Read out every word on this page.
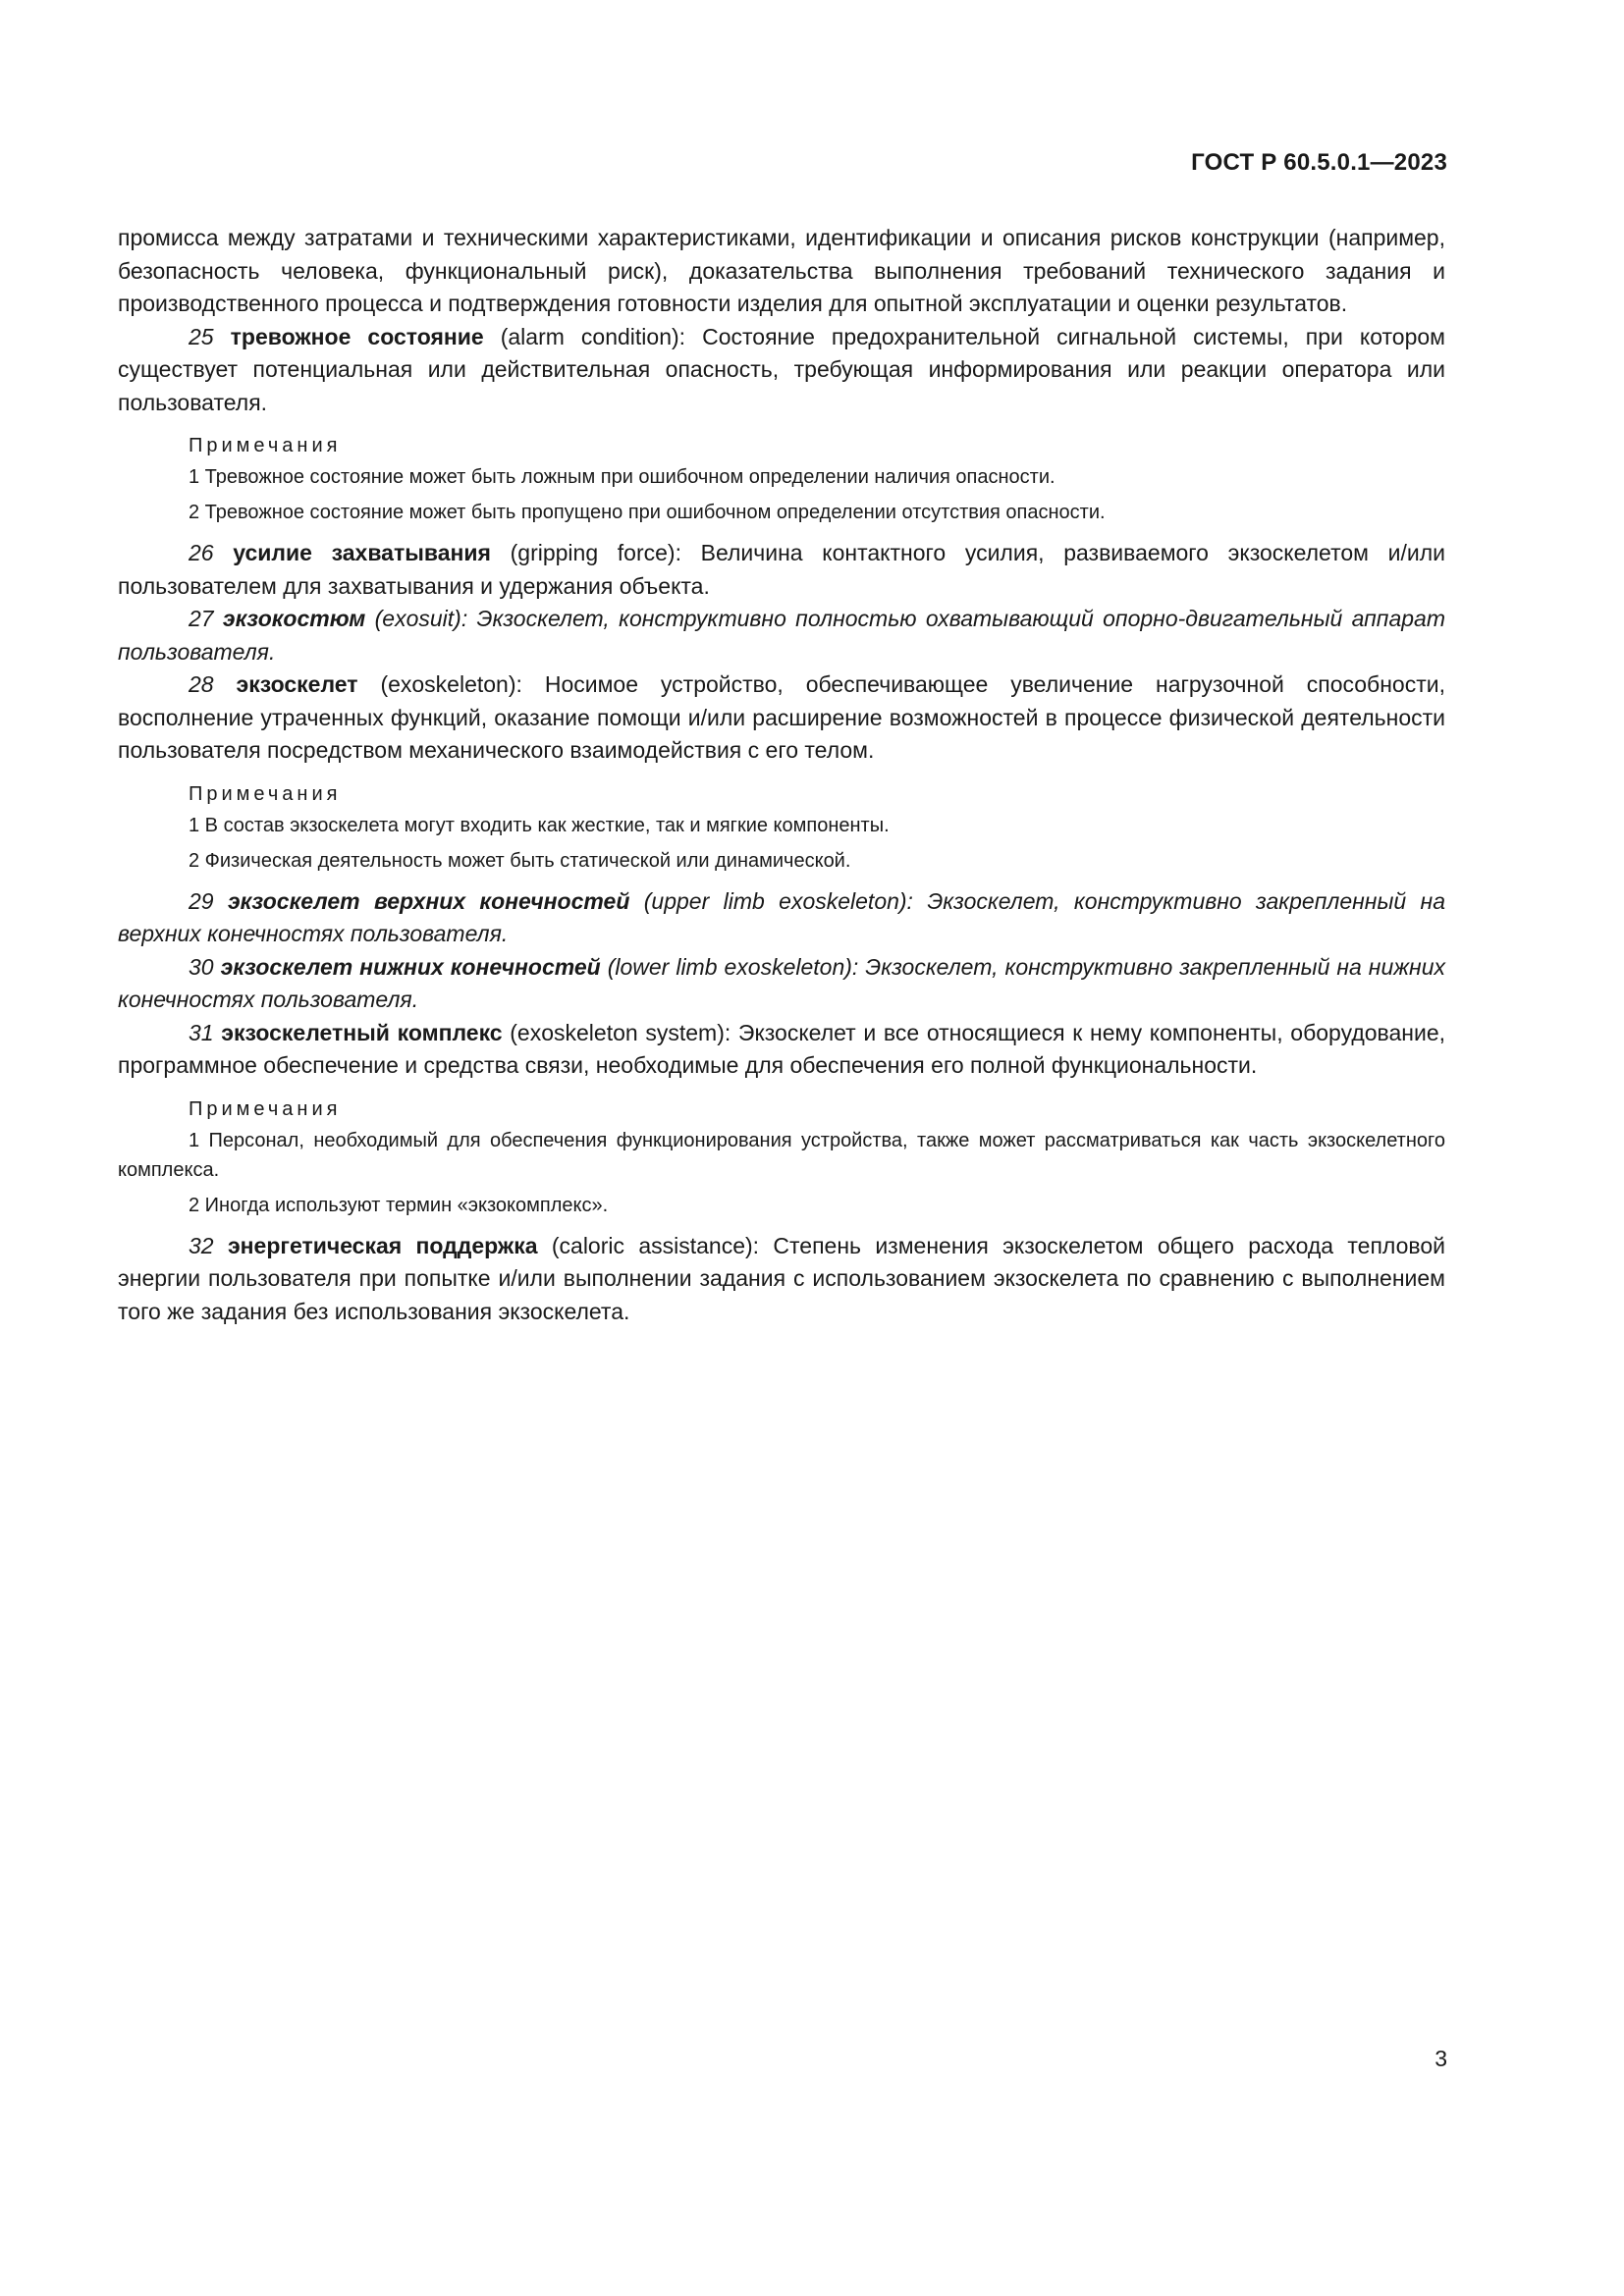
ГОСТ Р 60.5.0.1—2023

промисса между затратами и техническими характеристиками, идентификации и описания рисков конструкции (например, безопасность человека, функциональный риск), доказательства выполнения требований технического задания и производственного процесса и подтверждения готовности изделия для опытной эксплуатации и оценки результатов.

25 тревожное состояние (alarm condition): Состояние предохранительной сигнальной системы, при котором существует потенциальная или действительная опасность, требующая информирования или реакции оператора или пользователя.

Примечания

1 Тревожное состояние может быть ложным при ошибочном определении наличия опасности.

2 Тревожное состояние может быть пропущено при ошибочном определении отсутствия опасности.

26 усилие захватывания (gripping force): Величина контактного усилия, развиваемого экзоскелетом и/или пользователем для захватывания и удержания объекта.

27 экзокостюм (exosuit): Экзоскелет, конструктивно полностью охватывающий опорно-двигательный аппарат пользователя.

28 экзоскелет (exoskeleton): Носимое устройство, обеспечивающее увеличение нагрузочной способности, восполнение утраченных функций, оказание помощи и/или расширение возможностей в процессе физической деятельности пользователя посредством механического взаимодействия с его телом.

Примечания

1 В состав экзоскелета могут входить как жесткие, так и мягкие компоненты.

2 Физическая деятельность может быть статической или динамической.

29 экзоскелет верхних конечностей (upper limb exoskeleton): Экзоскелет, конструктивно закрепленный на верхних конечностях пользователя.

30 экзоскелет нижних конечностей (lower limb exoskeleton): Экзоскелет, конструктивно закрепленный на нижних конечностях пользователя.

31 экзоскелетный комплекс (exoskeleton system): Экзоскелет и все относящиеся к нему компоненты, оборудование, программное обеспечение и средства связи, необходимые для обеспечения его полной функциональности.

Примечания

1 Персонал, необходимый для обеспечения функционирования устройства, также может рассматриваться как часть экзоскелетного комплекса.

2 Иногда используют термин «экзокомплекс».

32 энергетическая поддержка (caloric assistance): Степень изменения экзоскелетом общего расхода тепловой энергии пользователя при попытке и/или выполнении задания с использованием экзоскелета по сравнению с выполнением того же задания без использования экзоскелета.

3
